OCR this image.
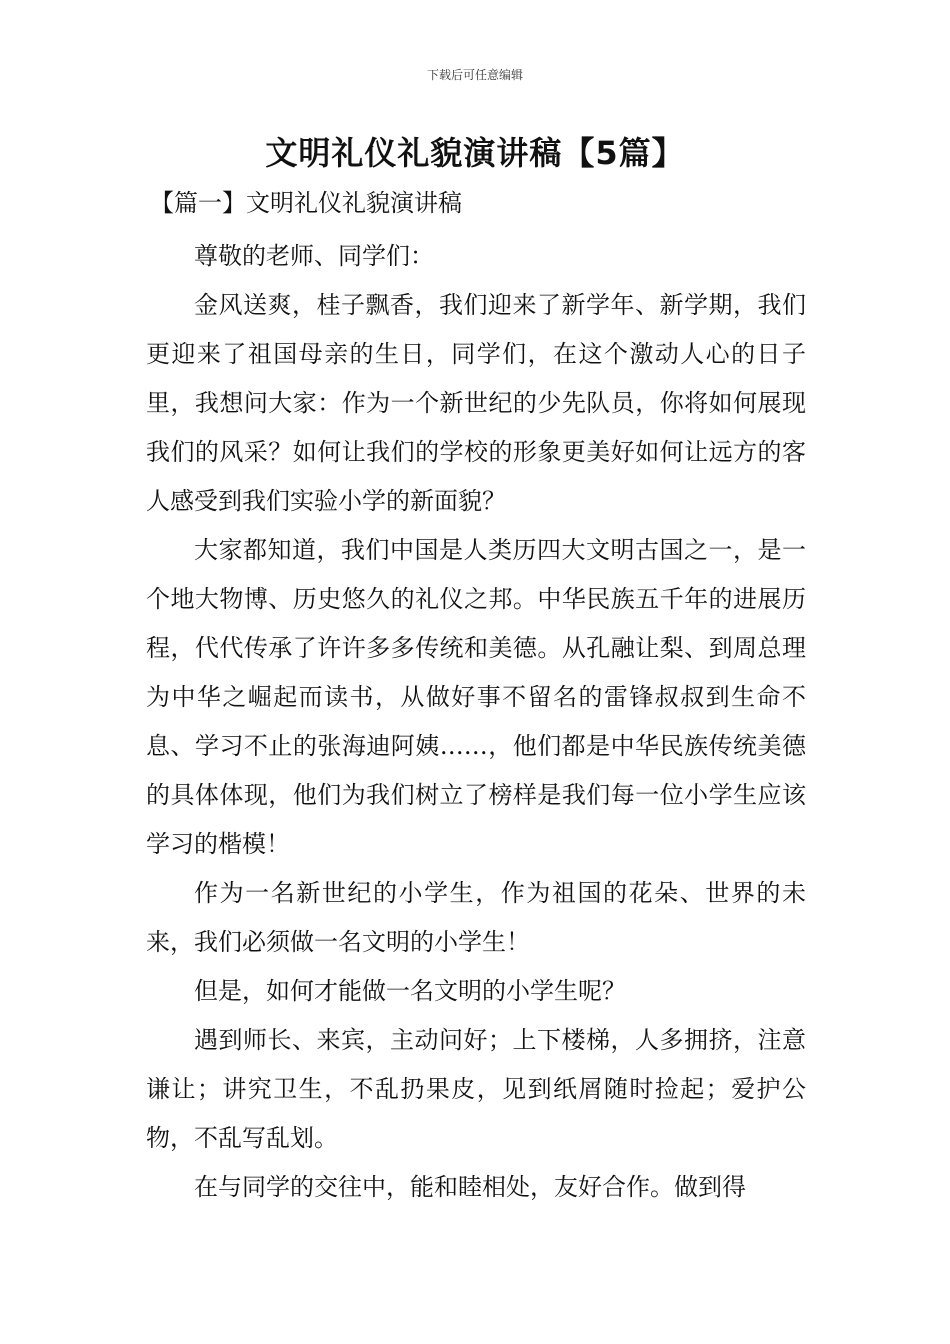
下载后可任意编辑
文明礼仪礼貌演讲稿【5篇】
【篇一】文明礼仪礼貌演讲稿

尊敬的老师、同学们：

金风送爽，桂子飘香，我们迎来了新学年、新学期，我们更迎来了祖国母亲的生日，同学们，在这个激动人心的日子里，我想问大家：作为一个新世纪的少先队员，你将如何展现我们的风采？如何让我们的学校的形象更美好如何让远方的客人感受到我们实验小学的新面貌？

大家都知道，我们中国是人类历四大文明古国之一，是一个地大物博、历史悠久的礼仪之邦。中华民族五千年的进展历程，代代传承了许许多多传统和美德。从孔融让梨、到周总理为中华之崛起而读书，从做好事不留名的雷锋叔叔到生命不息、学习不止的张海迪阿姨……，他们都是中华民族传统美德的具体体现，他们为我们树立了榜样是我们每一位小学生应该学习的楷模！

作为一名新世纪的小学生，作为祖国的花朵、世界的未来，我们必须做一名文明的小学生！

但是，如何才能做一名文明的小学生呢？

遇到师长、来宾，主动问好；上下楼梯，人多拥挤，注意谦让；讲究卫生，不乱扔果皮，见到纸屑随时捡起；爱护公物，不乱写乱划。

在与同学的交往中，能和睦相处，友好合作。做到得
